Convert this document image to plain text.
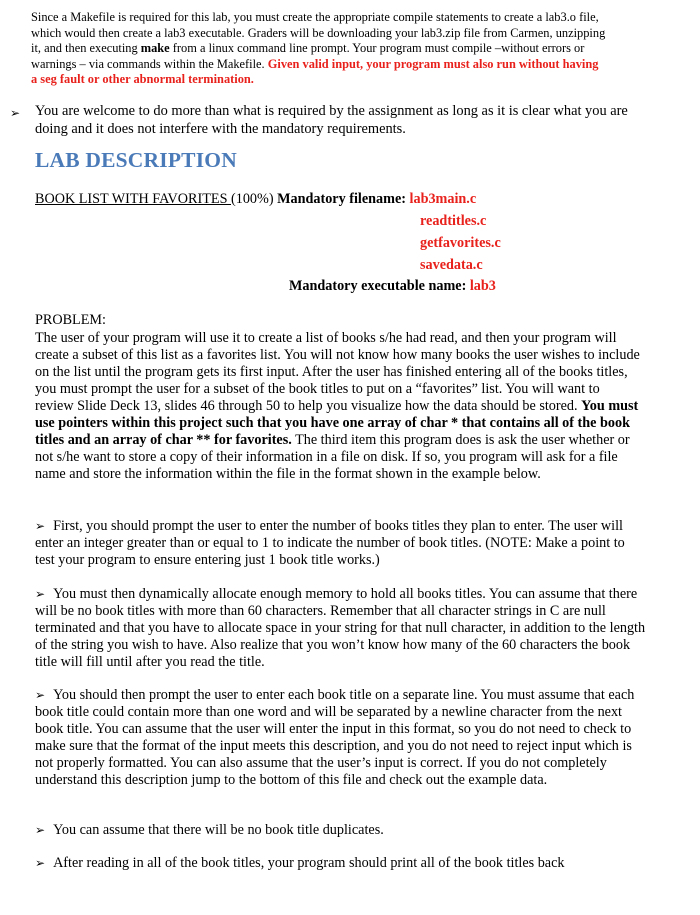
Since a Makefile is required for this lab, you must create the appropriate compile statements to create a lab3.o file, which would then create a lab3 executable. Graders will be downloading your lab3.zip file from Carmen, unzipping it, and then executing make from a linux command line prompt. Your program must compile –without errors or warnings – via commands within the Makefile. Given valid input, your program must also run without having a seg fault or other abnormal termination.
➢ You are welcome to do more than what is required by the assignment as long as it is clear what you are doing and it does not interfere with the mandatory requirements.
LAB DESCRIPTION
BOOK LIST WITH FAVORITES (100%) Mandatory filename: lab3main.c
readtitles.c
getfavorites.c
savedata.c
Mandatory executable name: lab3
PROBLEM:
The user of your program will use it to create a list of books s/he had read, and then your program will create a subset of this list as a favorites list. You will not know how many books the user wishes to include on the list until the program gets its first input. After the user has finished entering all of the books titles, you must prompt the user for a subset of the book titles to put on a “favorites” list. You will want to review Slide Deck 13, slides 46 through 50 to help you visualize how the data should be stored. You must use pointers within this project such that you have one array of char * that contains all of the book titles and an array of char ** for favorites. The third item this program does is ask the user whether or not s/he want to store a copy of their information in a file on disk. If so, you program will ask for a file name and store the information within the file in the format shown in the example below.
➢ First, you should prompt the user to enter the number of books titles they plan to enter. The user will enter an integer greater than or equal to 1 to indicate the number of book titles. (NOTE: Make a point to test your program to ensure entering just 1 book title works.)
➢ You must then dynamically allocate enough memory to hold all books titles. You can assume that there will be no book titles with more than 60 characters. Remember that all character strings in C are null terminated and that you have to allocate space in your string for that null character, in addition to the length of the string you wish to have. Also realize that you won’t know how many of the 60 characters the book title will fill until after you read the title.
➢ You should then prompt the user to enter each book title on a separate line. You must assume that each book title could contain more than one word and will be separated by a newline character from the next book title. You can assume that the user will enter the input in this format, so you do not need to check to make sure that the format of the input meets this description, and you do not need to reject input which is not properly formatted. You can also assume that the user’s input is correct. If you do not completely understand this description jump to the bottom of this file and check out the example data.
➢ You can assume that there will be no book title duplicates.
➢ After reading in all of the book titles, your program should print all of the book titles back
